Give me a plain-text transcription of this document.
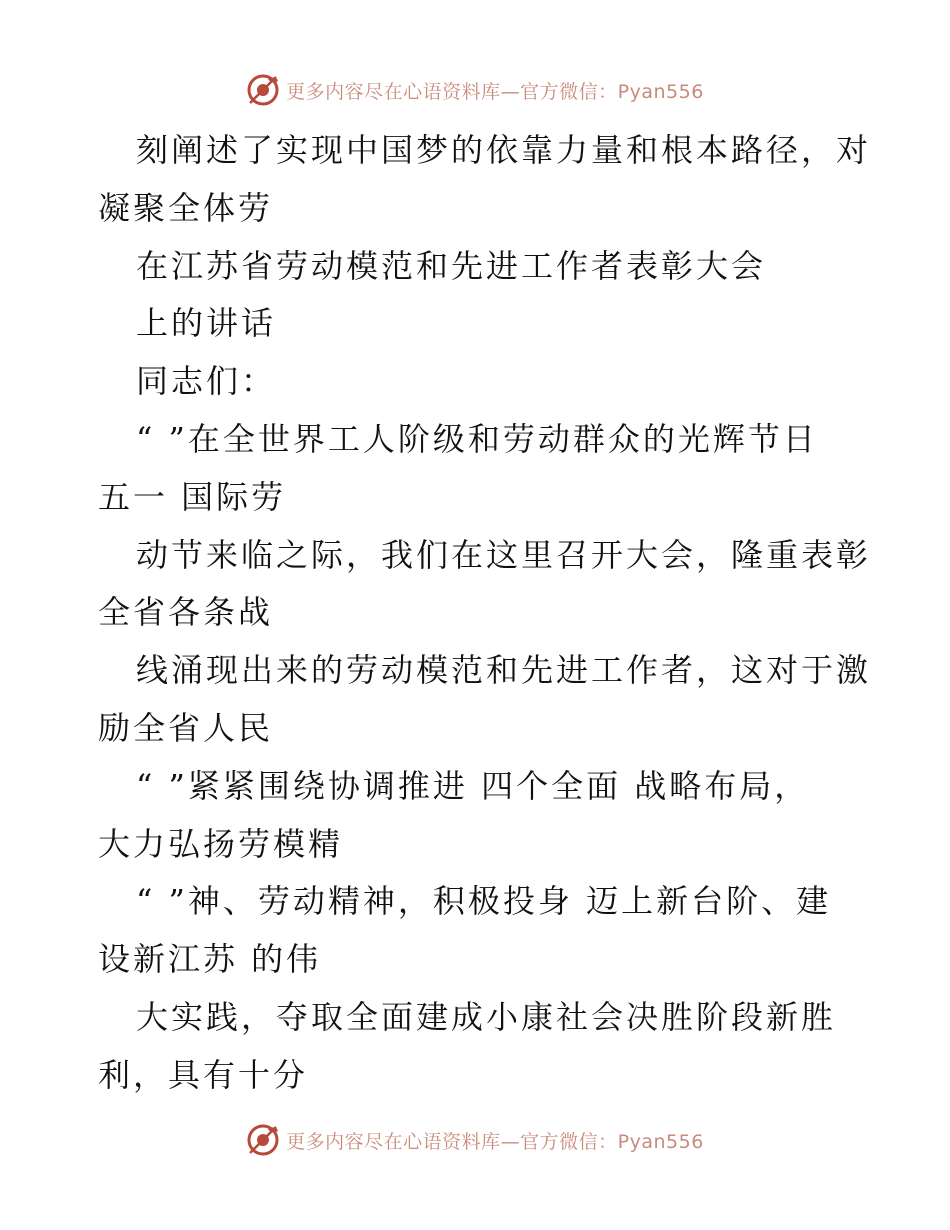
更多内容尽在心语资料库—官方微信：Pyan556
刻阐述了实现中国梦的依靠力量和根本路径，对
凝聚全体劳
在江苏省劳动模范和先进工作者表彰大会
上的讲话
同志们：
“ ”在全世界工人阶级和劳动群众的光辉节日
五一 国际劳
动节来临之际，我们在这里召开大会，隆重表彰
全省各条战
线涌现出来的劳动模范和先进工作者，这对于激
励全省人民
“ ”紧紧围绕协调推进 四个全面 战略布局，
大力弘扬劳模精
“ ”神、劳动精神，积极投身 迈上新台阶、建
设新江苏 的伟
大实践，夺取全面建成小康社会决胜阶段新胜
利，具有十分
更多内容尽在心语资料库—官方微信：Pyan556
